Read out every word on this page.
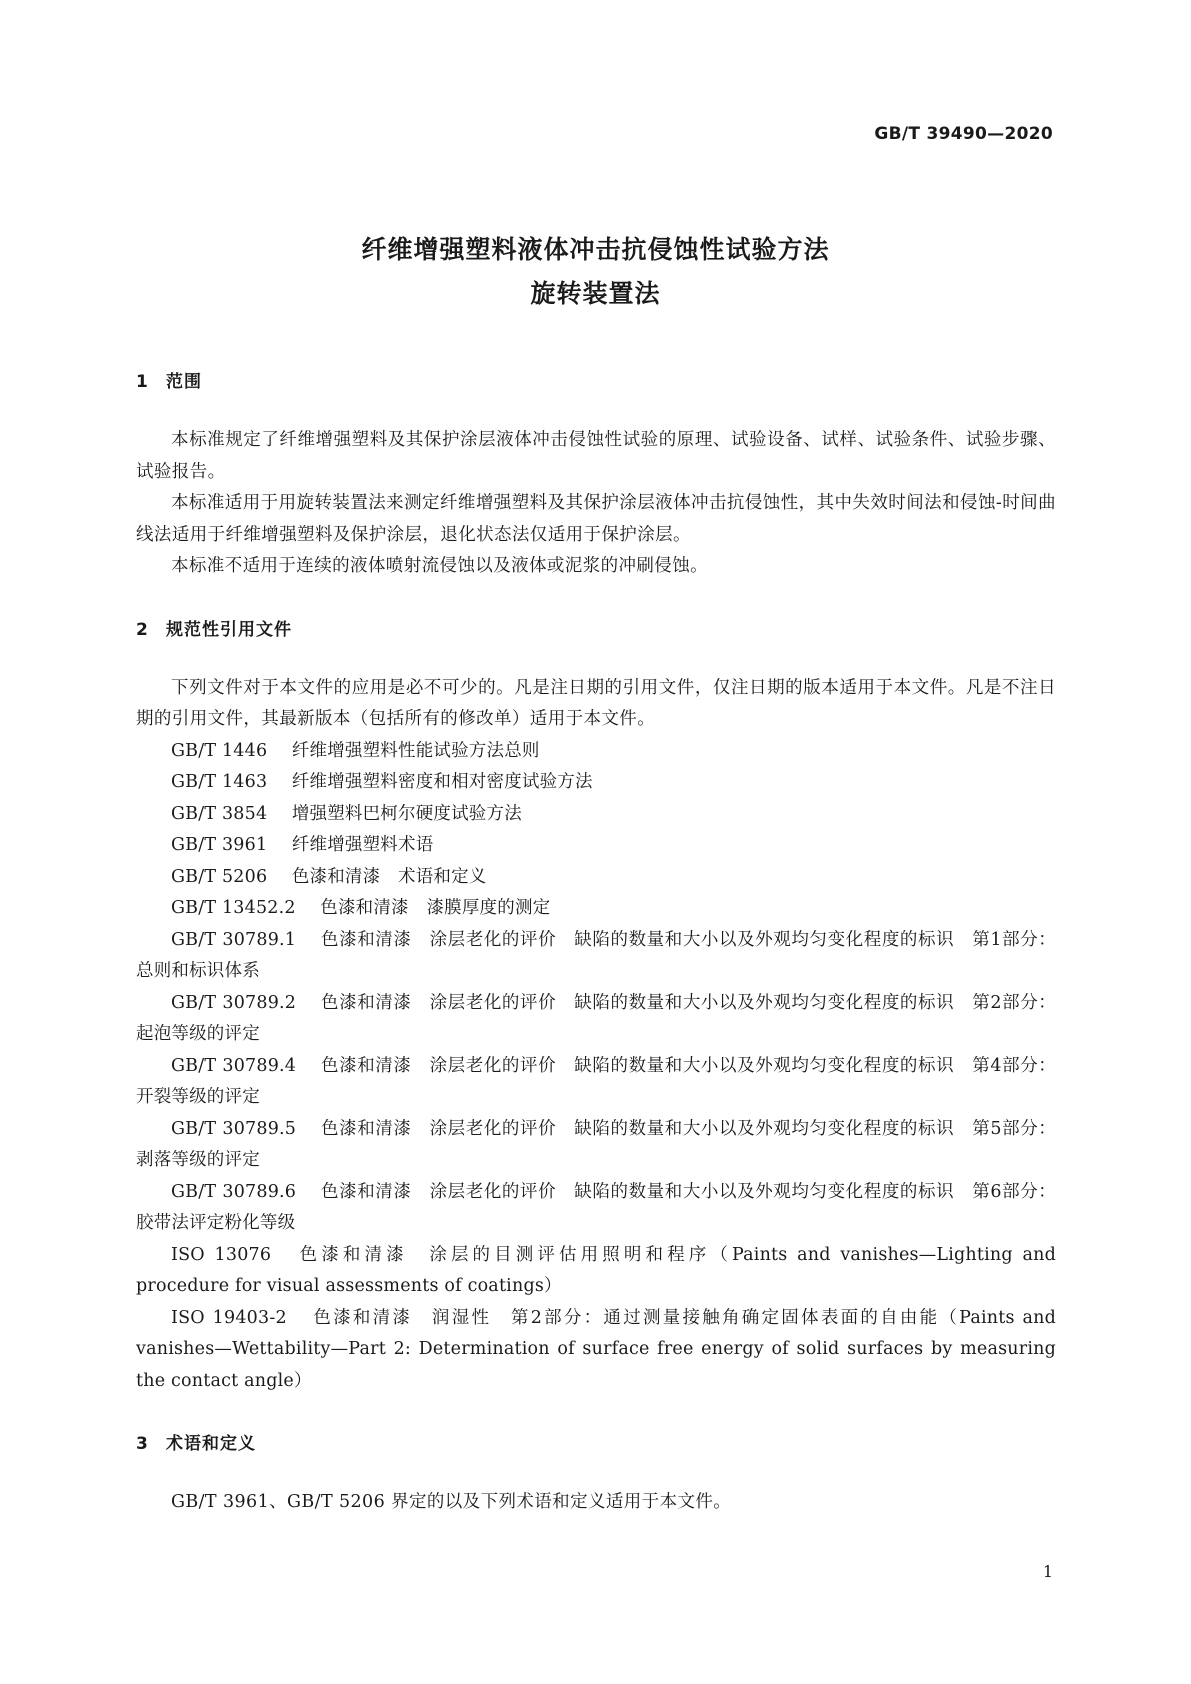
GB/T 39490—2020
纤维增强塑料液体冲击抗侵蚀性试验方法
旋转装置法
1 范围

本标准规定了纤维增强塑料及其保护涂层液体冲击侵蚀性试验的原理、试验设备、试样、试验条件、试验步骤、试验报告。

本标准适用于用旋转装置法来测定纤维增强塑料及其保护涂层液体冲击抗侵蚀性，其中失效时间法和侵蚀-时间曲线法适用于纤维增强塑料及保护涂层，退化状态法仅适用于保护涂层。

本标准不适用于连续的液体喷射流侵蚀以及液体或泥浆的冲刷侵蚀。

2 规范性引用文件

下列文件对于本文件的应用是必不可少的。凡是注日期的引用文件，仅注日期的版本适用于本文件。凡是不注日期的引用文件，其最新版本（包括所有的修改单）适用于本文件。

GB/T 1446 纤维增强塑料性能试验方法总则

GB/T 1463 纤维增强塑料密度和相对密度试验方法

GB/T 3854 增强塑料巴柯尔硬度试验方法

GB/T 3961 纤维增强塑料术语

GB/T 5206 色漆和清漆　术语和定义

GB/T 13452.2 色漆和清漆　漆膜厚度的测定

GB/T 30789.1 色漆和清漆　涂层老化的评价　缺陷的数量和大小以及外观均匀变化程度的标识　第1部分：总则和标识体系

GB/T 30789.2 色漆和清漆　涂层老化的评价　缺陷的数量和大小以及外观均匀变化程度的标识　第2部分：起泡等级的评定

GB/T 30789.4 色漆和清漆　涂层老化的评价　缺陷的数量和大小以及外观均匀变化程度的标识　第4部分：开裂等级的评定

GB/T 30789.5 色漆和清漆　涂层老化的评价　缺陷的数量和大小以及外观均匀变化程度的标识　第5部分：剥落等级的评定

GB/T 30789.6 色漆和清漆　涂层老化的评价　缺陷的数量和大小以及外观均匀变化程度的标识　第6部分：胶带法评定粉化等级

ISO 13076 色漆和清漆　涂层的目测评估用照明和程序（Paints and vanishes—Lighting and procedure for visual assessments of coatings）

ISO 19403-2 色漆和清漆　润湿性　第2部分：通过测量接触角确定固体表面的自由能（Paints and vanishes—Wettability—Part 2: Determination of surface free energy of solid surfaces by measuring the contact angle）

3 术语和定义

GB/T 3961、GB/T 5206 界定的以及下列术语和定义适用于本文件。

1
